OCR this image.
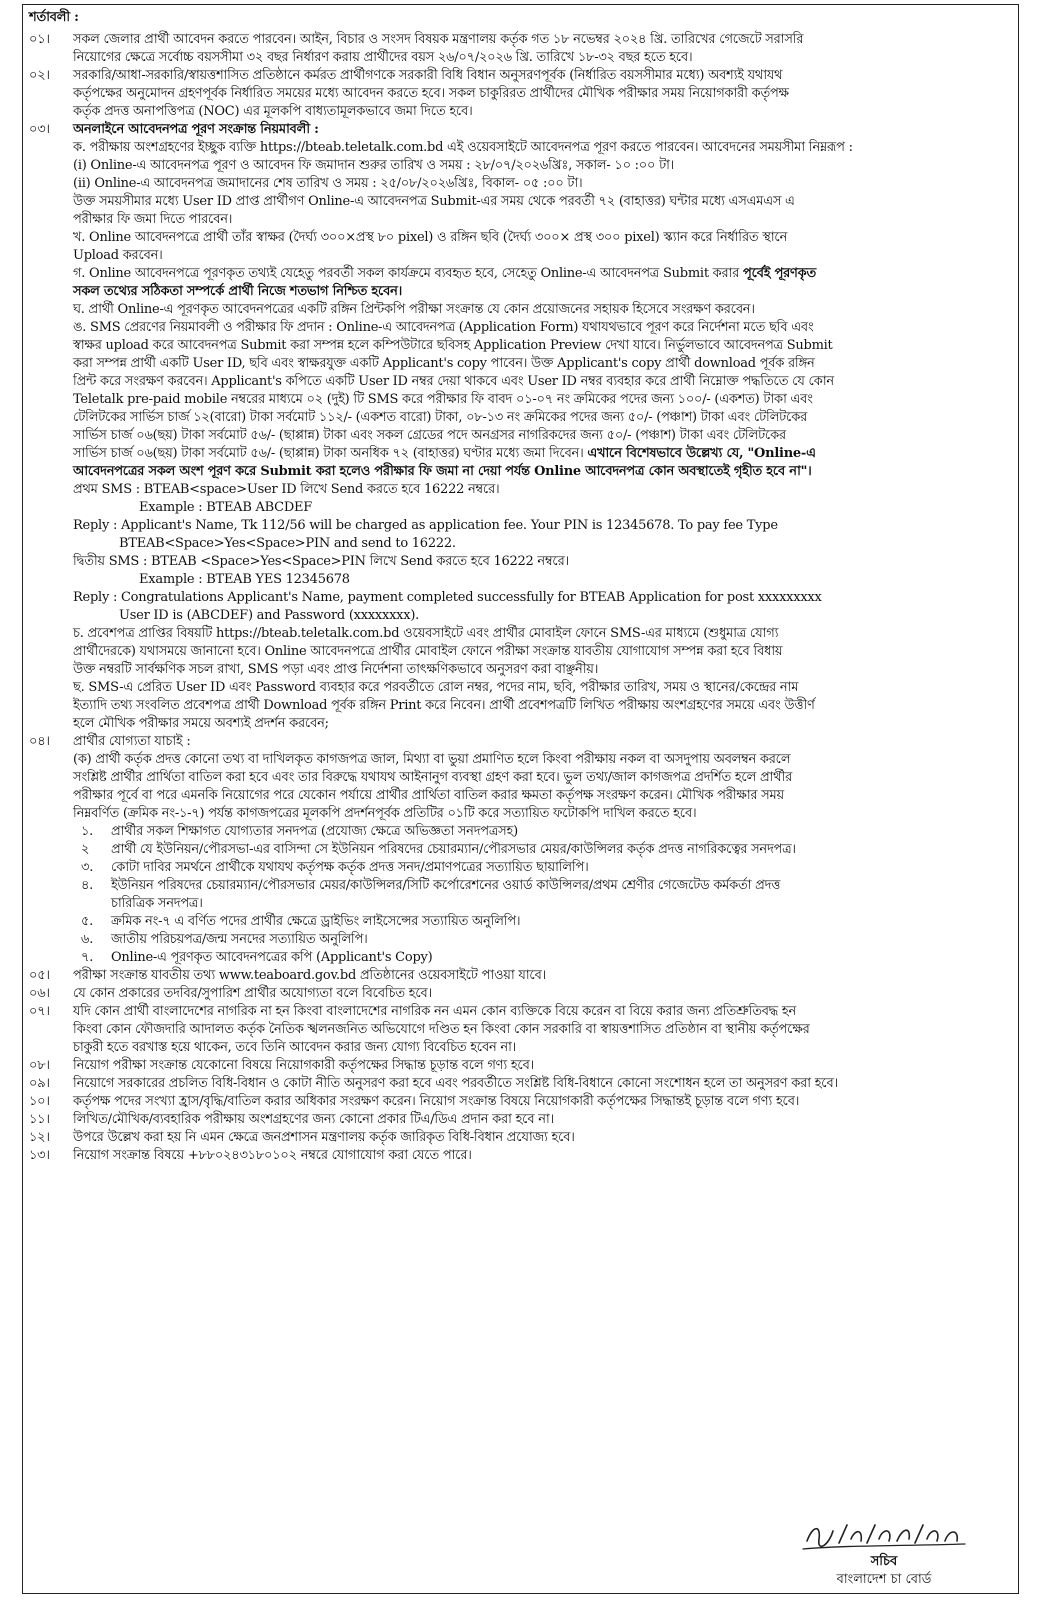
শর্তাবলী :
০১।	সকল জেলার প্রার্থী আবেদন করতে পারবেন। আইন, বিচার ও সংসদ বিষয়ক মন্ত্রণালয় কর্তৃক গত ১৮ নভেম্বর ২০২৪ খ্রি. তারিখের গেজেটে সরাসরি
নিয়োগের ক্ষেত্রে সর্বোচ্চ বয়সসীমা ৩২ বছর নির্ধারণ করায় প্রার্থীদের বয়স ২৬/০৭/২০২৬ খ্রি. তারিখে ১৮-৩২ বছর হতে হবে।
০২।	সরকারি/আধা-সরকারি/স্বায়ত্তশাসিত প্রতিষ্ঠানে কর্মরত প্রার্থীগণকে সরকারী বিধি বিধান অনুসরণপূর্বক (নির্ধারিত বয়সসীমার মধ্যে) অবশ্যই যথাযথ
কর্তৃপক্ষের অনুমোদন গ্রহণপূর্বক নির্ধারিত সময়ের মধ্যে আবেদন করতে হবে। সকল চাকুরিরত প্রার্থীদের মৌখিক পরীক্ষার সময় নিয়োগকারী কর্তৃপক্ষ
কর্তৃক প্রদত্ত অনাপত্তিপত্র (NOC) এর মূলকপি বাধ্যতামূলকভাবে জমা দিতে হবে।
০৩।	অনলাইনে আবেদনপত্র পূরণ সংক্রান্ত নিয়মাবলী :
ক. পরীক্ষায় অংশগ্রহণের ইচ্ছুক ব্যক্তি https://bteab.teletalk.com.bd এই ওয়েবসাইটে আবেদনপত্র পূরণ করতে পারবেন। আবেদনের সময়সীমা নিম্নরূপ :
(i) Online-এ আবেদনপত্র পূরণ ও আবেদন ফি জমাদান শুরুর তারিখ ও সময় : ২৮/০৭/২০২৬খ্রিঃ, সকাল- ১০ :০০ টা।
(ii) Online-এ আবেদনপত্র জমাদানের শেষ তারিখ ও সময় : ২৫/০৮/২০২৬খ্রিঃ, বিকাল- ০৫ :০০ টা।
উক্ত সময়সীমার মধ্যে User ID প্রাপ্ত প্রার্থীগণ Online-এ আবেদনপত্র Submit-এর সময় থেকে পরবর্তী ৭২ (বাহাত্তর) ঘন্টার মধ্যে এসএমএস এ
পরীক্ষার ফি জমা দিতে পারবেন।
খ. Online আবেদনপত্রে প্রার্থী তাঁর স্বাক্ষর (দৈর্ঘ্য ৩০০×প্রস্থ ৮০ pixel) ও রঙ্গিন ছবি (দৈর্ঘ্য ৩০০× প্রস্থ ৩০০ pixel) স্ক্যান করে নির্ধারিত স্থানে
Upload করবেন।
গ. Online আবেদনপত্রে পূরণকৃত তথ্যই যেহেতু পরবর্তী সকল কার্যক্রমে ব্যবহৃত হবে, সেহেতু Online-এ আবেদনপত্র Submit করার পূর্বেই পূরণকৃত
সকল তথ্যের সঠিকতা সম্পর্কে প্রার্থী নিজে শতভাগ নিশ্চিত হবেন।
ঘ. প্রার্থী Online-এ পূরণকৃত আবেদনপত্রের একটি রঙ্গিন প্রিন্টকপি পরীক্ষা সংক্রান্ত যে কোন প্রয়োজনের সহায়ক হিসেবে সংরক্ষণ করবেন।
ঙ. SMS প্রেরণের নিয়মাবলী ও পরীক্ষার ফি প্রদান : Online-এ আবেদনপত্র (Application Form) যথাযথভাবে পূরণ করে নির্দেশনা মতে ছবি এবং
স্বাক্ষর upload করে আবেদনপত্র Submit করা সম্পন্ন হলে কম্পিউটারে ছবিসহ Application Preview দেখা যাবে। নির্ভুলভাবে আবেদনপত্র Submit
করা সম্পন্ন প্রার্থী একটি User ID, ছবি এবং স্বাক্ষরযুক্ত একটি Applicant's copy পাবেন। উক্ত Applicant's copy প্রার্থী download পূর্বক রঙ্গিন
প্রিন্ট করে সংরক্ষণ করবেন। Applicant's কপিতে একটি User ID নম্বর দেয়া থাকবে এবং User ID নম্বর ব্যবহার করে প্রার্থী নিম্নোক্ত পদ্ধতিতে যে কোন
Teletalk pre-paid mobile নম্বরের মাধ্যমে ০২ (দুই) টি SMS করে পরীক্ষার ফি বাবদ ০১-০৭ নং ক্রমিকের পদের জন্য ১০০/- (একশত) টাকা এবং
টেলিটকের সার্ভিস চার্জ ১২(বারো) টাকা সর্বমোট ১১২/- (একশত বারো) টাকা, ০৮-১৩ নং ক্রমিকের পদের জন্য ৫০/- (পঞ্চাশ) টাকা এবং টেলিটকের
সার্ভিস চার্জ ০৬(ছয়) টাকা সর্বমোট ৫৬/- (ছাপ্পান্ন) টাকা এবং সকল গ্রেডের পদে অনগ্রসর নাগরিকদের জন্য ৫০/- (পঞ্চাশ) টাকা এবং টেলিটকের
সার্ভিস চার্জ ০৬(ছয়) টাকা সর্বমোট ৫৬/- (ছাপ্পান্ন) টাকা অনধিক ৭২ (বাহাত্তর) ঘণ্টার মধ্যে জমা দিবেন। এখানে বিশেষভাবে উল্লেখ্য যে, "Online-এ
আবেদনপত্রের সকল অংশ পূরণ করে Submit করা হলেও পরীক্ষার ফি জমা না দেয়া পর্যন্ত Online আবেদনপত্র কোন অবস্থাতেই গৃহীত হবে না"।
প্রথম SMS : BTEAB<space>User ID লিখে Send করতে হবে 16222 নম্বরে।
Example : BTEAB ABCDEF
Reply : Applicant's Name, Tk 112/56 will be charged as application fee. Your PIN is 12345678. To pay fee Type
BTEAB<Space>Yes<Space>PIN and send to 16222.
দ্বিতীয় SMS : BTEAB <Space>Yes<Space>PIN লিখে Send করতে হবে 16222 নম্বরে।
Example : BTEAB YES 12345678
Reply : Congratulations Applicant's Name, payment completed successfully for BTEAB Application for post xxxxxxxxx
User ID is (ABCDEF) and Password (xxxxxxxx).
চ. প্রবেশপত্র প্রাপ্তির বিষয়টি https://bteab.teletalk.com.bd ওয়েবসাইটে এবং প্রার্থীর মোবাইল ফোনে SMS-এর মাধ্যমে (শুধুমাত্র যোগ্য
প্রার্থীদেরকে) যথাসময়ে জানানো হবে। Online আবেদনপত্রে প্রার্থীর মোবাইল ফোনে পরীক্ষা সংক্রান্ত যাবতীয় যোগাযোগ সম্পন্ন করা হবে বিধায়
উক্ত নম্বরটি সার্বক্ষণিক সচল রাখা, SMS পড়া এবং প্রাপ্ত নির্দেশনা তাৎক্ষণিকভাবে অনুসরণ করা বাঞ্ছনীয়।
ছ. SMS-এ প্রেরিত User ID এবং Password ব্যবহার করে পরবর্তীতে রোল নম্বর, পদের নাম, ছবি, পরীক্ষার তারিখ, সময় ও স্থানের/কেন্দ্রের নাম
ইত্যাদি তথ্য সংবলিত প্রবেশপত্র প্রার্থী Download পূর্বক রঙ্গিন Print করে নিবেন। প্রার্থী প্রবেশপত্রটি লিখিত পরীক্ষায় অংশগ্রহণের সময়ে এবং উত্তীর্ণ
হলে মৌখিক পরীক্ষার সময়ে অবশ্যই প্রদর্শন করবেন;
০৪।	প্রার্থীর যোগ্যতা যাচাই :
(ক) প্রার্থী কর্তৃক প্রদত্ত কোনো তথ্য বা দাখিলকৃত কাগজপত্র জাল, মিথ্যা বা ভুয়া প্রমাণিত হলে কিংবা পরীক্ষায় নকল বা অসদুপায় অবলম্বন করলে
সংশ্লিষ্ট প্রার্থীর প্রার্থিতা বাতিল করা হবে এবং তার বিরুদ্ধে যথাযথ আইনানুগ ব্যবস্থা গ্রহণ করা হবে। ভুল তথ্য/জাল কাগজপত্র প্রদর্শিত হলে প্রার্থীর
পরীক্ষার পূর্বে বা পরে এমনকি নিয়োগের পরে যেকোন পর্যায়ে প্রার্থীর প্রার্থিতা বাতিল করার ক্ষমতা কর্তৃপক্ষ সংরক্ষণ করেন। মৌখিক পরীক্ষার সময়
নিম্নবর্ণিত (ক্রমিক নং-১-৭) পর্যন্ত কাগজপত্রের মূলকপি প্রদর্শনপূর্বক প্রতিটির ০১টি করে সত্যায়িত ফটোকপি দাখিল করতে হবে।
১.	প্রার্থীর সকল শিক্ষাগত যোগ্যতার সনদপত্র (প্রযোজ্য ক্ষেত্রে অভিজ্ঞতা সনদপত্রসহ)
২	প্রার্থী যে ইউনিয়ন/পৌরসভা-এর বাসিন্দা সে ইউনিয়ন পরিষদের চেয়ারম্যান/পৌরসভার মেয়র/কাউন্সিলর কর্তৃক প্রদত্ত নাগরিকত্বের সনদপত্র।
৩.	কোটা দাবির সমর্থনে প্রার্থীকে যথাযথ কর্তৃপক্ষ কর্তৃক প্রদত্ত সনদ/প্রমাণপত্রের সত্যায়িত ছায়ালিপি।
৪.	ইউনিয়ন পরিষদের চেয়ারম্যান/পৌরসভার মেয়র/কাউন্সিলর/সিটি কর্পোরেশনের ওয়ার্ড কাউন্সিলর/প্রথম শ্রেণীর গেজেটেড কর্মকর্তা প্রদত্ত
চারিত্রিক সনদপত্র।
৫.	ক্রমিক নং-৭ এ বর্ণিত পদের প্রার্থীর ক্ষেত্রে ড্রাইভিং লাইসেন্সের সত্যায়িত অনুলিপি।
৬.	জাতীয় পরিচয়পত্র/জন্ম সনদের সত্যায়িত অনুলিপি।
৭.	Online-এ পূরণকৃত আবেদনপত্রের কপি (Applicant's Copy)
০৫।	পরীক্ষা সংক্রান্ত যাবতীয় তথ্য www.teaboard.gov.bd প্রতিষ্ঠানের ওয়েবসাইটে পাওয়া যাবে।
০৬।	যে কোন প্রকারের তদবির/সুপারিশ প্রার্থীর অযোগ্যতা বলে বিবেচিত হবে।
০৭।	যদি কোন প্রার্থী বাংলাদেশের নাগরিক না হন কিংবা বাংলাদেশের নাগরিক নন এমন কোন ব্যক্তিকে বিয়ে করেন বা বিয়ে করার জন্য প্রতিশ্রুতিবদ্ধ হন
কিংবা কোন ফৌজদারি আদালত কর্তৃক নৈতিক স্খলনজনিত অভিযোগে দণ্ডিত হন কিংবা কোন সরকারি বা স্বায়ত্তশাসিত প্রতিষ্ঠান বা স্থানীয় কর্তৃপক্ষের
চাকুরী হতে বরখাস্ত হয়ে থাকেন, তবে তিনি আবেদন করার জন্য যোগ্য বিবেচিত হবেন না।
০৮।	নিয়োগ পরীক্ষা সংক্রান্ত যেকোনো বিষয়ে নিয়োগকারী কর্তৃপক্ষের সিদ্ধান্ত চূড়ান্ত বলে গণ্য হবে।
০৯।	নিয়োগে সরকারের প্রচলিত বিধি-বিধান ও কোটা নীতি অনুসরণ করা হবে এবং পরবর্তীতে সংশ্লিষ্ট বিধি-বিধানে কোনো সংশোধন হলে তা অনুসরণ করা হবে।
১০।	কর্তৃপক্ষ পদের সংখ্যা হ্রাস/বৃদ্ধি/বাতিল করার অধিকার সংরক্ষণ করেন। নিয়োগ সংক্রান্ত বিষয়ে নিয়োগকারী কর্তৃপক্ষের সিদ্ধান্তই চূড়ান্ত বলে গণ্য হবে।
১১।	লিখিত/মৌখিক/ব্যবহারিক পরীক্ষায় অংশগ্রহণের জন্য কোনো প্রকার টিএ/ডিএ প্রদান করা হবে না।
১২।	উপরে উল্লেখ করা হয় নি এমন ক্ষেত্রে জনপ্রশাসন মন্ত্রণালয় কর্তৃক জারিকৃত বিধি-বিধান প্রযোজ্য হবে।
১৩।	নিয়োগ সংক্রান্ত বিষয়ে +৮৮০২৪৩১৮০১০২ নম্বরে যোগাযোগ করা যেতে পারে।
সচিব
বাংলাদেশ চা বোর্ড
